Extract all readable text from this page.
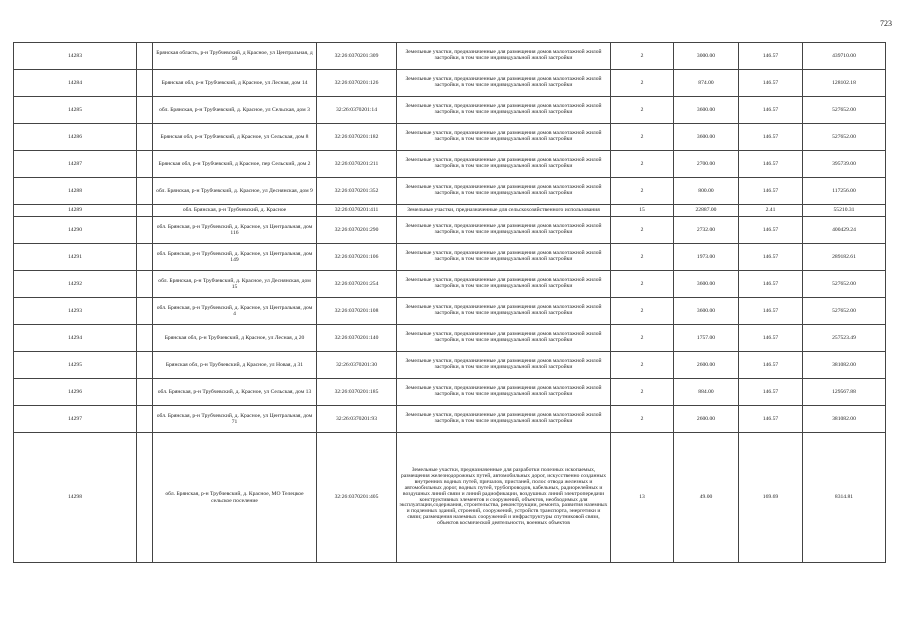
723
14283		Брянская область, р-н Трубчевский, д Красное, ул Центральная, д 50	32:26:0370201:309	Земельные участки, предназначенные для размещения домов малоэтажной жилой застройки, в том числе индивидуальной жилой застройки	2	3000.00	146.57	439710.00
14284		Брянская обл, р-н Трубчевский, д Красное, ул Лесная, дом 14	32:26:0370201:126	Земельные участки, предназначенные для размещения домов малоэтажной жилой застройки, в том числе индивидуальной жилой застройки	2	874.00	146.57	128102.18
14285		обл. Брянская, р-н Трубчевский, д. Красное, ул Сельская, дом 3	32:26:0370201:14	Земельные участки, предназначенные для размещения домов малоэтажной жилой застройки, в том числе индивидуальной жилой застройки	2	3600.00	146.57	527652.00
14286		Брянская обл, р-н Трубчевский, д Красное, ул Сельская, дом 8	32:26:0370201:182	Земельные участки, предназначенные для размещения домов малоэтажной жилой застройки, в том числе индивидуальной жилой застройки	2	3600.00	146.57	527652.00
14287		Брянская обл, р-н Трубчевский, д Красное, пер Сельский, дом 2	32:26:0370201:211	Земельные участки, предназначенные для размещения домов малоэтажной жилой застройки, в том числе индивидуальной жилой застройки	2	2700.00	146.57	395739.00
14288		обл. Брянская, р-н Трубчевский, д. Красное, ул Деснянская, дом 9	32:26:0370201:352	Земельные участки, предназначенные для размещения домов малоэтажной жилой застройки, в том числе индивидуальной жилой застройки	2	800.00	146.57	117256.00
14289		обл. Брянская, р-н Трубчевский, д. Красное	32:26:0370201:411	Земельные участки, предназначенные для сельскохозяйственного использования	15	22887.00	2.41	55210.31
14290		обл. Брянская, р-н Трубчевский, д. Красное, ул Центральная, дом 116	32:26:0370201:290	Земельные участки, предназначенные для размещения домов малоэтажной жилой застройки, в том числе индивидуальной жилой застройки	2	2732.00	146.57	400429.24
14291		обл. Брянская, р-н Трубчевский, д. Красное, ул Центральная, дом 149	32:26:0370201:106	Земельные участки, предназначенные для размещения домов малоэтажной жилой застройки, в том числе индивидуальной жилой застройки	2	1973.00	146.57	289182.61
14292		обл. Брянская, р-н Трубчевский, д. Красное, ул Деснянская, дом 15	32:26:0370201:254	Земельные участки, предназначенные для размещения домов малоэтажной жилой застройки, в том числе индивидуальной жилой застройки	2	3600.00	146.57	527652.00
14293		обл. Брянская, р-н Трубчевский, д. Красное, ул Центральная, дом 4	32:26:0370201:108	Земельные участки, предназначенные для размещения домов малоэтажной жилой застройки, в том числе индивидуальной жилой застройки	2	3600.00	146.57	527652.00
14294		Брянская обл, р-н Трубчевский, д Красное, ул Лесная, д 20	32:26:0370201:140	Земельные участки, предназначенные для размещения домов малоэтажной жилой застройки, в том числе индивидуальной жилой застройки	2	1757.00	146.57	257523.49
14295		Брянская обл, р-н Трубчевский, д Красное, ул Новая, д 31	32:26:0370201:30	Земельные участки, предназначенные для размещения домов малоэтажной жилой застройки, в том числе индивидуальной жилой застройки	2	2600.00	146.57	381082.00
14296		обл. Брянская, р-н Трубчевский, д. Красное, ул Сельская, дом 13	32:26:0370201:185	Земельные участки, предназначенные для размещения домов малоэтажной жилой застройки, в том числе индивидуальной жилой застройки	2	884.00	146.57	129567.88
14297		обл. Брянская, р-н Трубчевский, д. Красное, ул Центральная, дом 71	32:26:0370201:93	Земельные участки, предназначенные для размещения домов малоэтажной жилой застройки, в том числе индивидуальной жилой застройки	2	2600.00	146.57	381082.00
14298		обл. Брянская, р-н Трубчевский, д. Красное, МО Телецкое сельское поселение	32:26:0370201:405	Земельные участки, предназначенные для разработки полезных ископаемых, размещения железнодорожных путей, автомобильных дорог, искусственно созданных внутренних водных путей, причалов, пристаней, полос отвода железных и автомобильных дорог, водных путей, трубопроводов, кабельных, радиорелейных и воздушных линий связи и линий радиофикации, воздушных линий электропередачи конструктивных элементов и сооружений, объектов, необходимых для эксплуатации,содержания, строительства, реконструкции, ремонта, развития наземных и подземных зданий, строений, сооружений, устройств транспорта, энергетики и связи; размещения наземных сооружений и инфраструктуры спутниковой связи, объектов космической деятельности, военных объектов	13	49.00	169.69	8314.81
